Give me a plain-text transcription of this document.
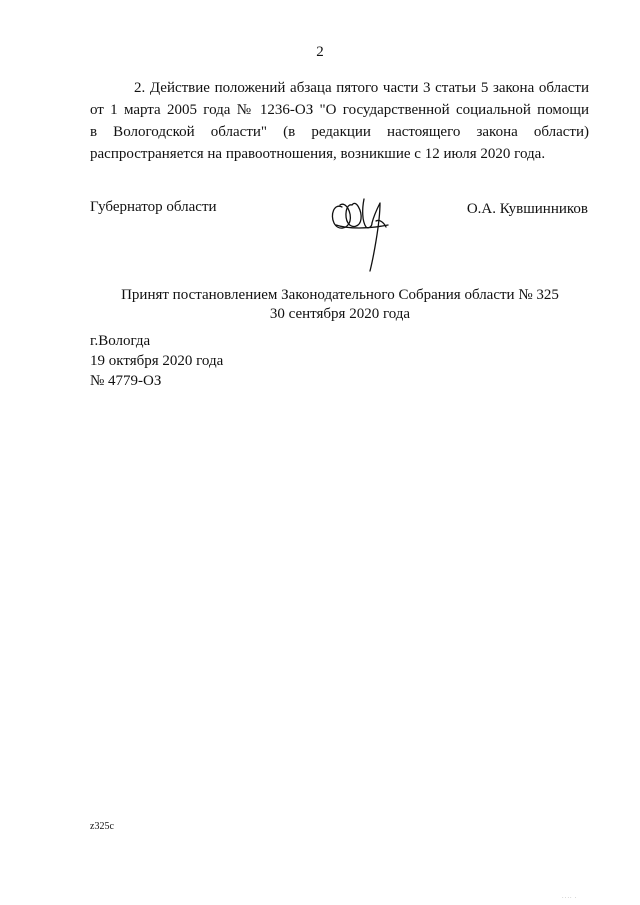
2
2. Действие положений абзаца пятого части 3 статьи 5 закона области
от 1 марта 2005 года № 1236-ОЗ "О государственной социальной помощи
в Вологодской области" (в редакции настоящего закона области)
распространяется на правоотношения, возникшие с 12 июля 2020 года.
Губернатор области	О.А. Кувшинников
Принят постановлением Законодательного Собрания области № 325
30 сентября 2020 года
г.Вологда
19 октября 2020 года
№ 4779-ОЗ
z325c
···· ·
